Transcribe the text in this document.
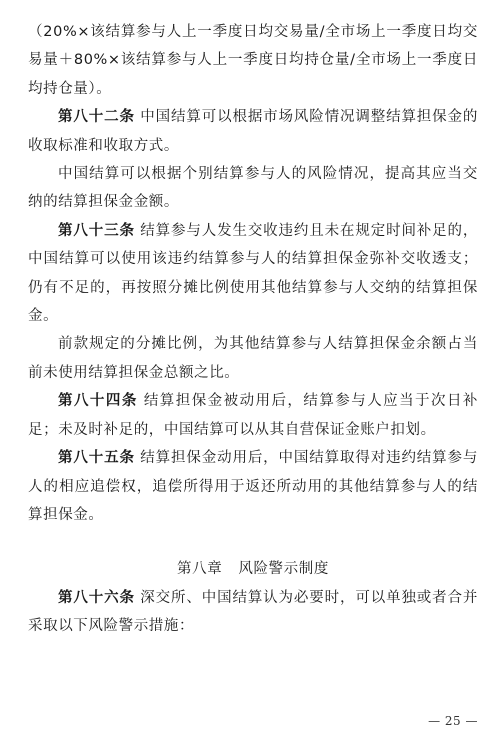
（20%×该结算参与人上一季度日均交易量/全市场上一季度日均交易量＋80%×该结算参与人上一季度日均持仓量/全市场上一季度日均持仓量）。

第八十二条 中国结算可以根据市场风险情况调整结算担保金的收取标准和收取方式。

中国结算可以根据个别结算参与人的风险情况，提高其应当交纳的结算担保金金额。

第八十三条 结算参与人发生交收违约且未在规定时间补足的，中国结算可以使用该违约结算参与人的结算担保金弥补交收透支；仍有不足的，再按照分摊比例使用其他结算参与人交纳的结算担保金。

前款规定的分摊比例，为其他结算参与人结算担保金余额占当前未使用结算担保金总额之比。

第八十四条 结算担保金被动用后，结算参与人应当于次日补足；未及时补足的，中国结算可以从其自营保证金账户扣划。

第八十五条 结算担保金动用后，中国结算取得对违约结算参与人的相应追偿权，追偿所得用于返还所动用的其他结算参与人的结算担保金。

第八章 风险警示制度

第八十六条 深交所、中国结算认为必要时，可以单独或者合并采取以下风险警示措施：

— 25 —
